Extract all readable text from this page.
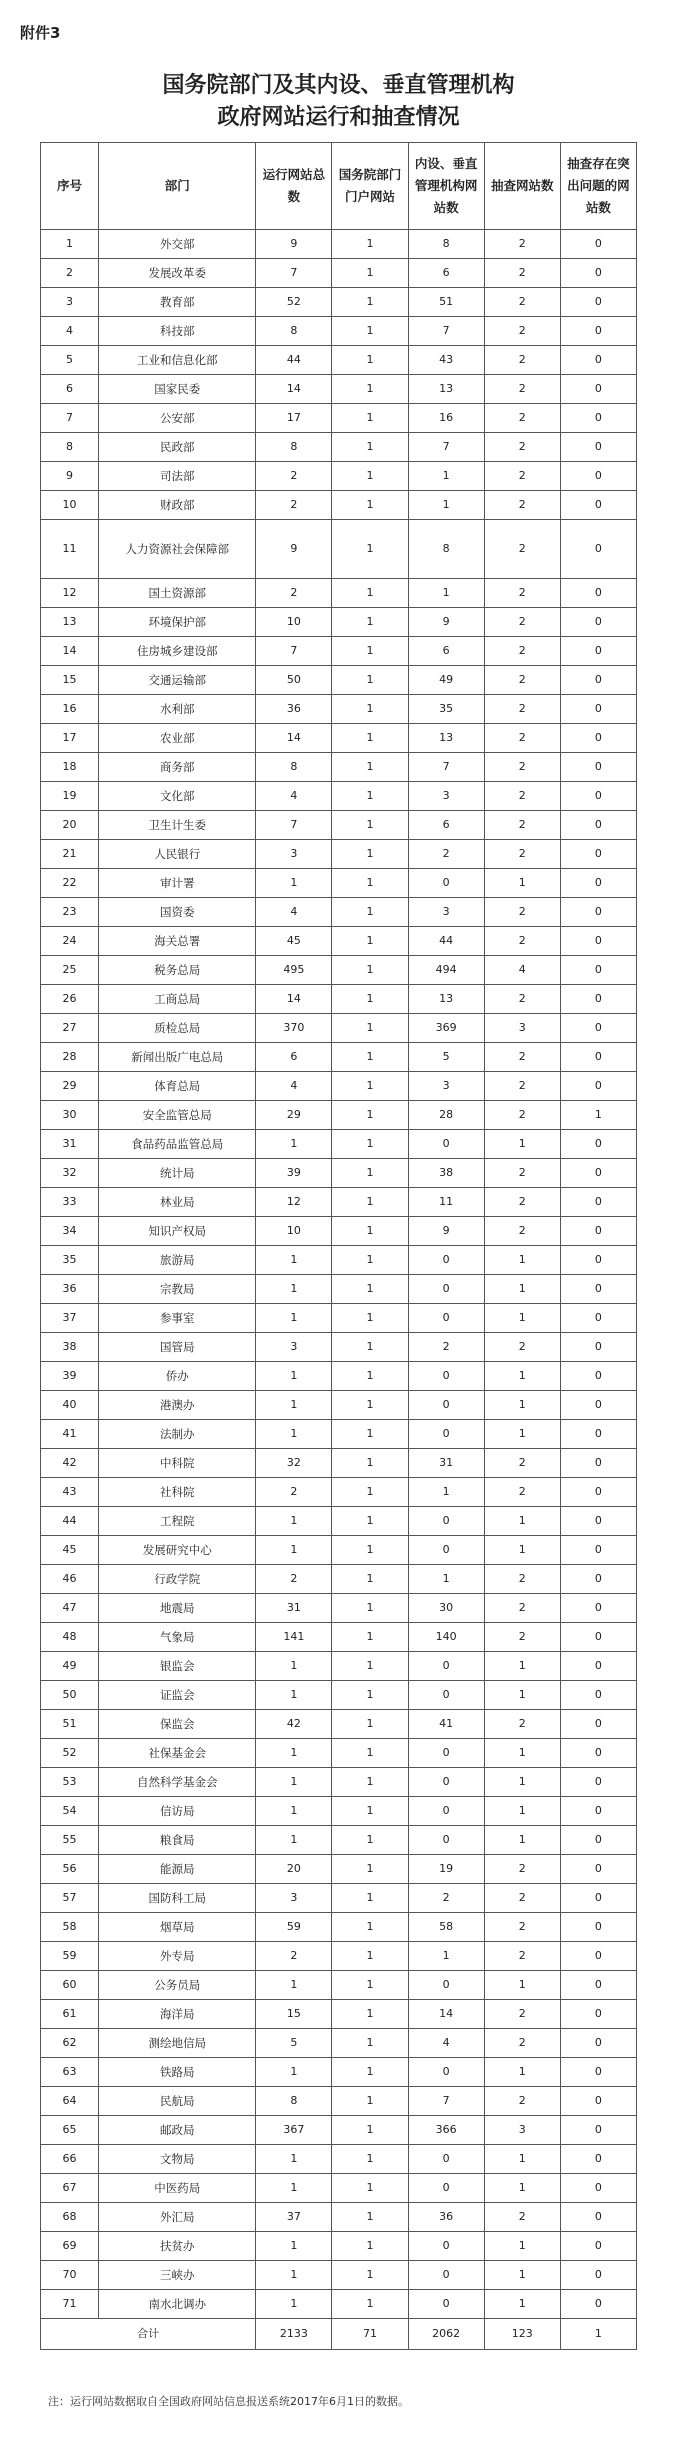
附件3
国务院部门及其内设、垂直管理机构
政府网站运行和抽查情况
序号	部门	运行网站总数	国务院部门门户网站	内设、垂直管理机构网站数	抽查网站数	抽查存在突出问题的网站数
1	外交部	9	1	8	2	0
2	发展改革委	7	1	6	2	0
3	教育部	52	1	51	2	0
4	科技部	8	1	7	2	0
5	工业和信息化部	44	1	43	2	0
6	国家民委	14	1	13	2	0
7	公安部	17	1	16	2	0
8	民政部	8	1	7	2	0
9	司法部	2	1	1	2	0
10	财政部	2	1	1	2	0
11	人力资源社会保障部	9	1	8	2	0
12	国土资源部	2	1	1	2	0
13	环境保护部	10	1	9	2	0
14	住房城乡建设部	7	1	6	2	0
15	交通运输部	50	1	49	2	0
16	水利部	36	1	35	2	0
17	农业部	14	1	13	2	0
18	商务部	8	1	7	2	0
19	文化部	4	1	3	2	0
20	卫生计生委	7	1	6	2	0
21	人民银行	3	1	2	2	0
22	审计署	1	1	0	1	0
23	国资委	4	1	3	2	0
24	海关总署	45	1	44	2	0
25	税务总局	495	1	494	4	0
26	工商总局	14	1	13	2	0
27	质检总局	370	1	369	3	0
28	新闻出版广电总局	6	1	5	2	0
29	体育总局	4	1	3	2	0
30	安全监管总局	29	1	28	2	1
31	食品药品监管总局	1	1	0	1	0
32	统计局	39	1	38	2	0
33	林业局	12	1	11	2	0
34	知识产权局	10	1	9	2	0
35	旅游局	1	1	0	1	0
36	宗教局	1	1	0	1	0
37	参事室	1	1	0	1	0
38	国管局	3	1	2	2	0
39	侨办	1	1	0	1	0
40	港澳办	1	1	0	1	0
41	法制办	1	1	0	1	0
42	中科院	32	1	31	2	0
43	社科院	2	1	1	2	0
44	工程院	1	1	0	1	0
45	发展研究中心	1	1	0	1	0
46	行政学院	2	1	1	2	0
47	地震局	31	1	30	2	0
48	气象局	141	1	140	2	0
49	银监会	1	1	0	1	0
50	证监会	1	1	0	1	0
51	保监会	42	1	41	2	0
52	社保基金会	1	1	0	1	0
53	自然科学基金会	1	1	0	1	0
54	信访局	1	1	0	1	0
55	粮食局	1	1	0	1	0
56	能源局	20	1	19	2	0
57	国防科工局	3	1	2	2	0
58	烟草局	59	1	58	2	0
59	外专局	2	1	1	2	0
60	公务员局	1	1	0	1	0
61	海洋局	15	1	14	2	0
62	测绘地信局	5	1	4	2	0
63	铁路局	1	1	0	1	0
64	民航局	8	1	7	2	0
65	邮政局	367	1	366	3	0
66	文物局	1	1	0	1	0
67	中医药局	1	1	0	1	0
68	外汇局	37	1	36	2	0
69	扶贫办	1	1	0	1	0
70	三峡办	1	1	0	1	0
71	南水北调办	1	1	0	1	0
合计		2133	71	2062	123	1
注：运行网站数据取自全国政府网站信息报送系统2017年6月1日的数据。
